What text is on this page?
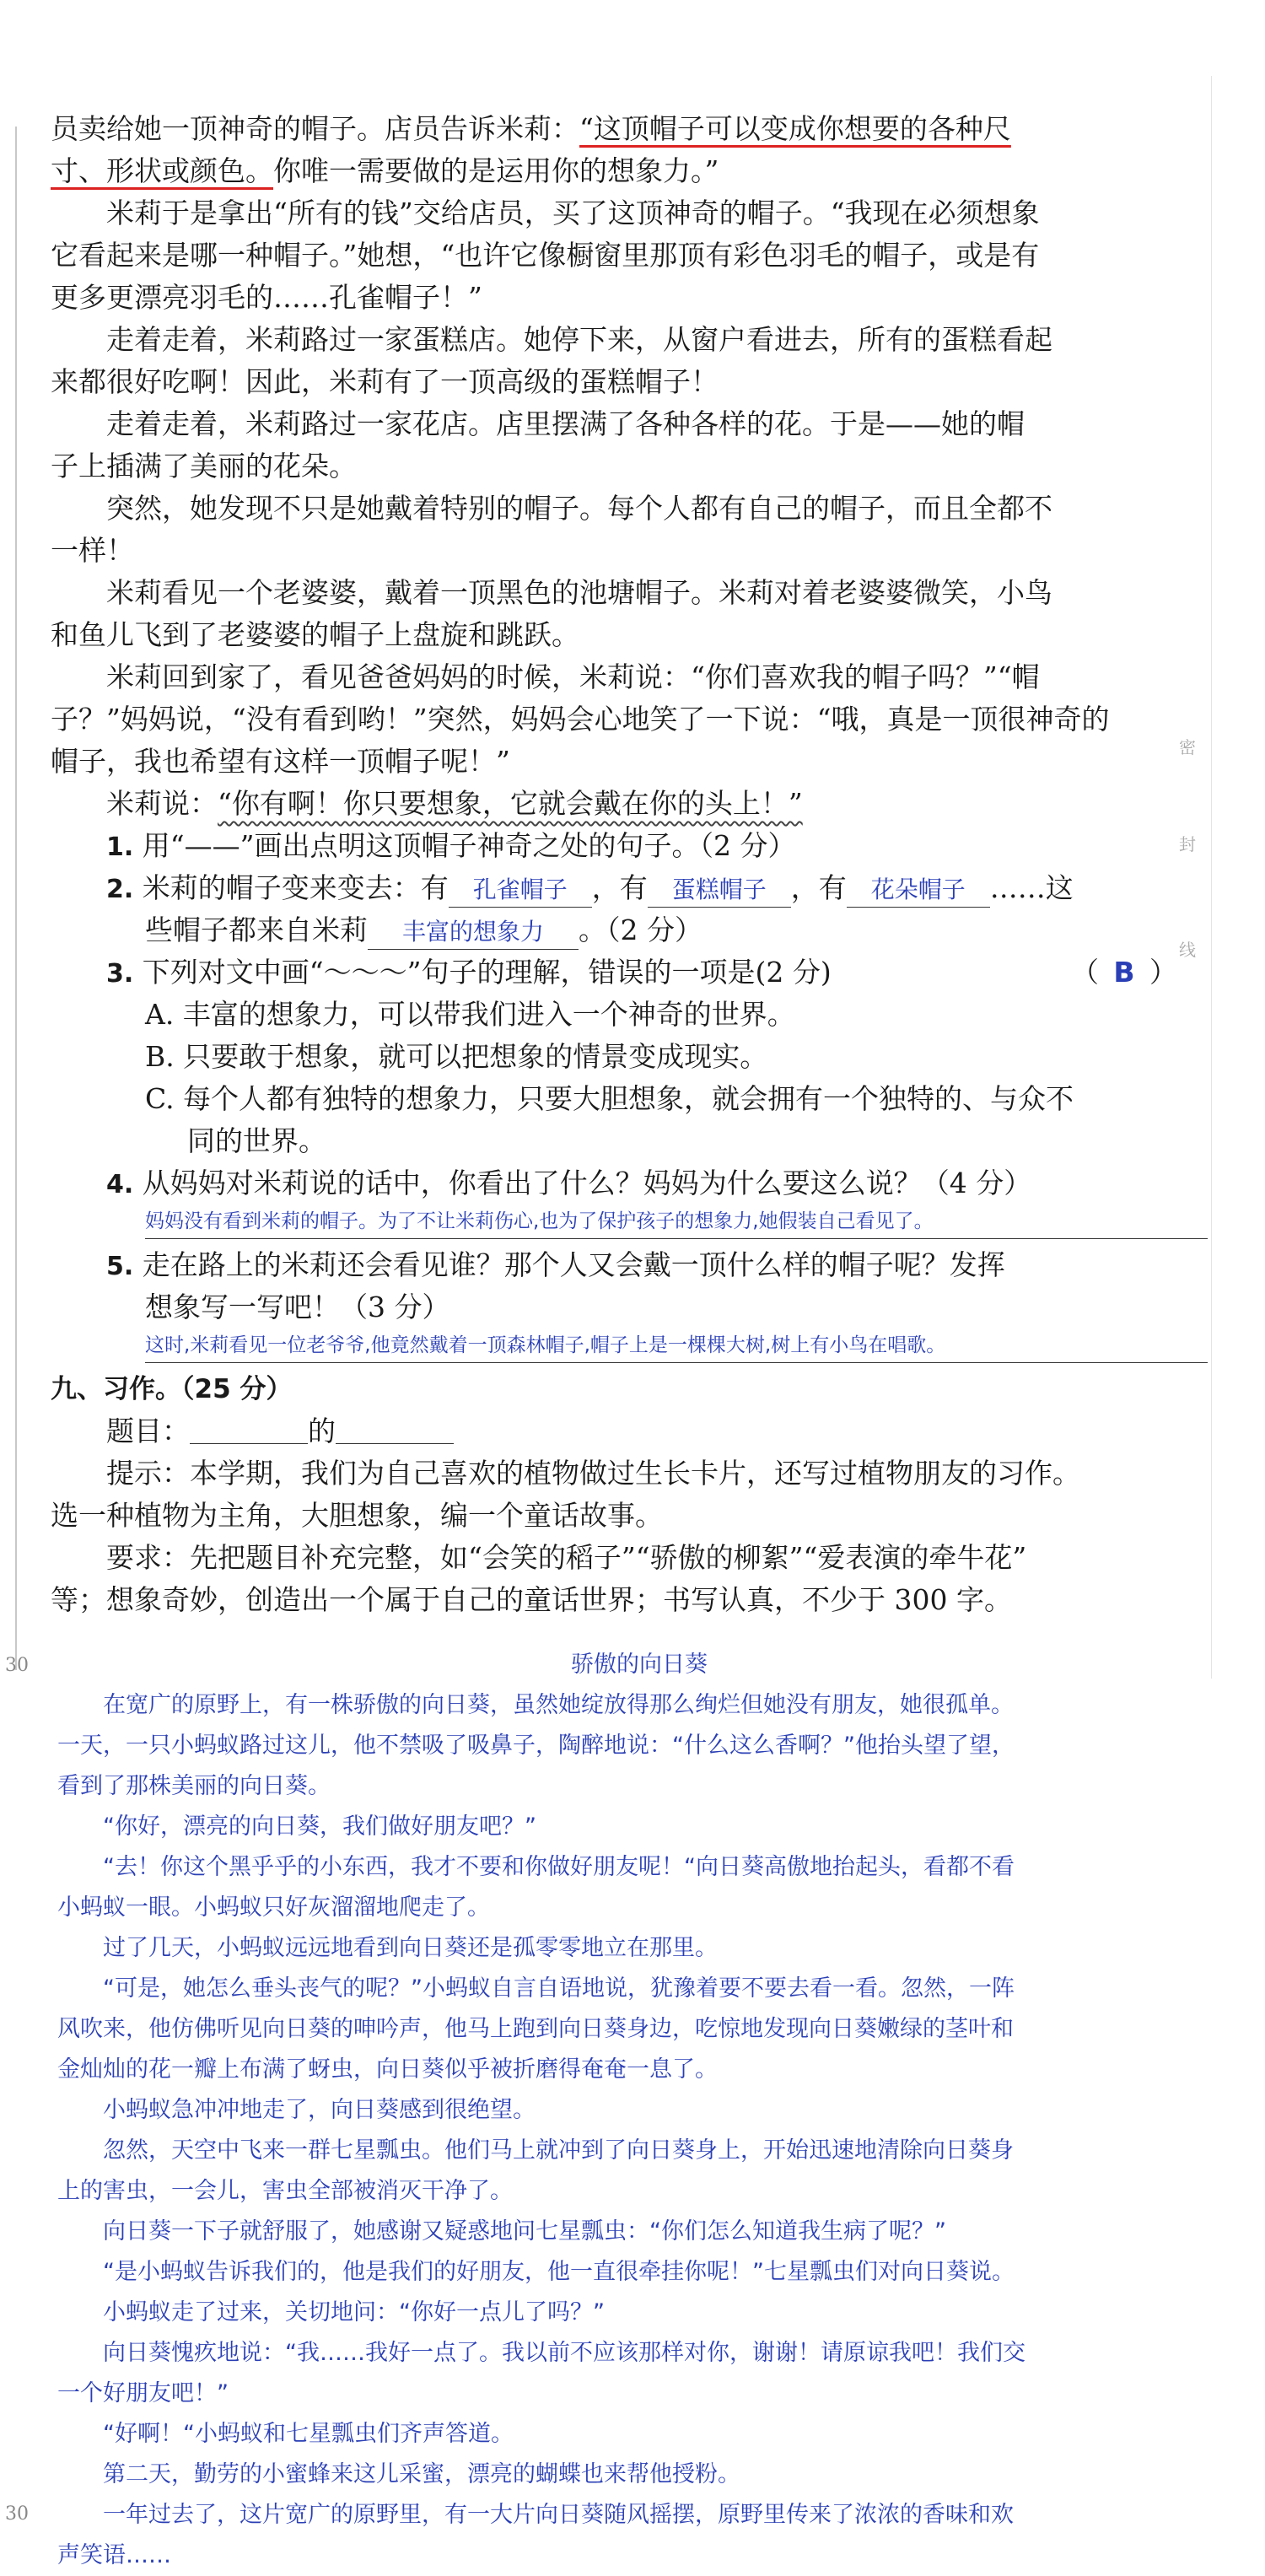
密
封
线
30
30
员卖给她一顶神奇的帽子。店员告诉米莉：“这顶帽子可以变成你想要的各种尺
寸、形状或颜色。你唯一需要做的是运用你的想象力。”
米莉于是拿出“所有的钱”交给店员，买了这顶神奇的帽子。“我现在必须想象
它看起来是哪一种帽子。”她想，“也许它像橱窗里那顶有彩色羽毛的帽子，或是有
更多更漂亮羽毛的……孔雀帽子！”
走着走着，米莉路过一家蛋糕店。她停下来，从窗户看进去，所有的蛋糕看起
来都很好吃啊！因此，米莉有了一顶高级的蛋糕帽子！
走着走着，米莉路过一家花店。店里摆满了各种各样的花。于是——她的帽
子上插满了美丽的花朵。
突然，她发现不只是她戴着特别的帽子。每个人都有自己的帽子，而且全都不
一样！
米莉看见一个老婆婆，戴着一顶黑色的池塘帽子。米莉对着老婆婆微笑，小鸟
和鱼儿飞到了老婆婆的帽子上盘旋和跳跃。
米莉回到家了，看见爸爸妈妈的时候，米莉说：“你们喜欢我的帽子吗？”“帽
子？”妈妈说，“没有看到哟！”突然，妈妈会心地笑了一下说：“哦，真是一顶很神奇的
帽子，我也希望有这样一顶帽子呢！”
米莉说：“你有啊！你只要想象，它就会戴在你的头上！”
1. 用“——”画出点明这顶帽子神奇之处的句子。（2 分）
2. 米莉的帽子变来变去：有 孔雀帽子 ，有 蛋糕帽子 ，有 花朵帽子 ……这
些帽子都来自米莉 丰富的想象力 。（2 分）
3. 下列对文中画“～～～”句子的理解，错误的一项是(2 分)	（ B ）
A. 丰富的想象力，可以带我们进入一个神奇的世界。
B. 只要敢于想象，就可以把想象的情景变成现实。
C. 每个人都有独特的想象力，只要大胆想象，就会拥有一个独特的、与众不
同的世界。
4. 从妈妈对米莉说的话中，你看出了什么？妈妈为什么要这么说？（4 分）
妈妈没有看到米莉的帽子。为了不让米莉伤心,也为了保护孩子的想象力,她假装自己看见了。
5. 走在路上的米莉还会看见谁？那个人又会戴一顶什么样的帽子呢？发挥
想象写一写吧！（3 分）
这时,米莉看见一位老爷爷,他竟然戴着一顶森林帽子,帽子上是一棵棵大树,树上有小鸟在唱歌。
九、习作。（25 分）
题目：	的
提示：本学期，我们为自己喜欢的植物做过生长卡片，还写过植物朋友的习作。
选一种植物为主角，大胆想象，编一个童话故事。
要求：先把题目补充完整，如“会笑的稻子”“骄傲的柳絮”“爱表演的牵牛花”
等；想象奇妙，创造出一个属于自己的童话世界；书写认真，不少于 300 字。
骄傲的向日葵
　　在宽广的原野上，有一株骄傲的向日葵，虽然她绽放得那么绚烂但她没有朋友，她很孤单。
一天，一只小蚂蚁路过这儿，他不禁吸了吸鼻子，陶醉地说：“什么这么香啊？”他抬头望了望，
看到了那株美丽的向日葵。
　　“你好，漂亮的向日葵，我们做好朋友吧？”
　　“去！你这个黑乎乎的小东西，我才不要和你做好朋友呢！“向日葵高傲地抬起头，看都不看
小蚂蚁一眼。小蚂蚁只好灰溜溜地爬走了。
　　过了几天，小蚂蚁远远地看到向日葵还是孤零零地立在那里。
　　“可是，她怎么垂头丧气的呢？”小蚂蚁自言自语地说，犹豫着要不要去看一看。忽然，一阵
风吹来，他仿佛听见向日葵的呻吟声，他马上跑到向日葵身边，吃惊地发现向日葵嫩绿的茎叶和
金灿灿的花一瓣上布满了蚜虫，向日葵似乎被折磨得奄奄一息了。
　　小蚂蚁急冲冲地走了，向日葵感到很绝望。
　　忽然，天空中飞来一群七星瓢虫。他们马上就冲到了向日葵身上，开始迅速地清除向日葵身
上的害虫，一会儿，害虫全部被消灭干净了。
　　向日葵一下子就舒服了，她感谢又疑惑地问七星瓢虫：“你们怎么知道我生病了呢？”
　　“是小蚂蚁告诉我们的，他是我们的好朋友，他一直很牵挂你呢！”七星瓢虫们对向日葵说。
　　小蚂蚁走了过来，关切地问：“你好一点儿了吗？”
　　向日葵愧疚地说：“我……我好一点了。我以前不应该那样对你，谢谢！请原谅我吧！我们交
一个好朋友吧！”
　　“好啊！“小蚂蚁和七星瓢虫们齐声答道。
　　第二天，勤劳的小蜜蜂来这儿采蜜，漂亮的蝴蝶也来帮他授粉。
　　一年过去了，这片宽广的原野里，有一大片向日葵随风摇摆，原野里传来了浓浓的香味和欢
声笑语……
